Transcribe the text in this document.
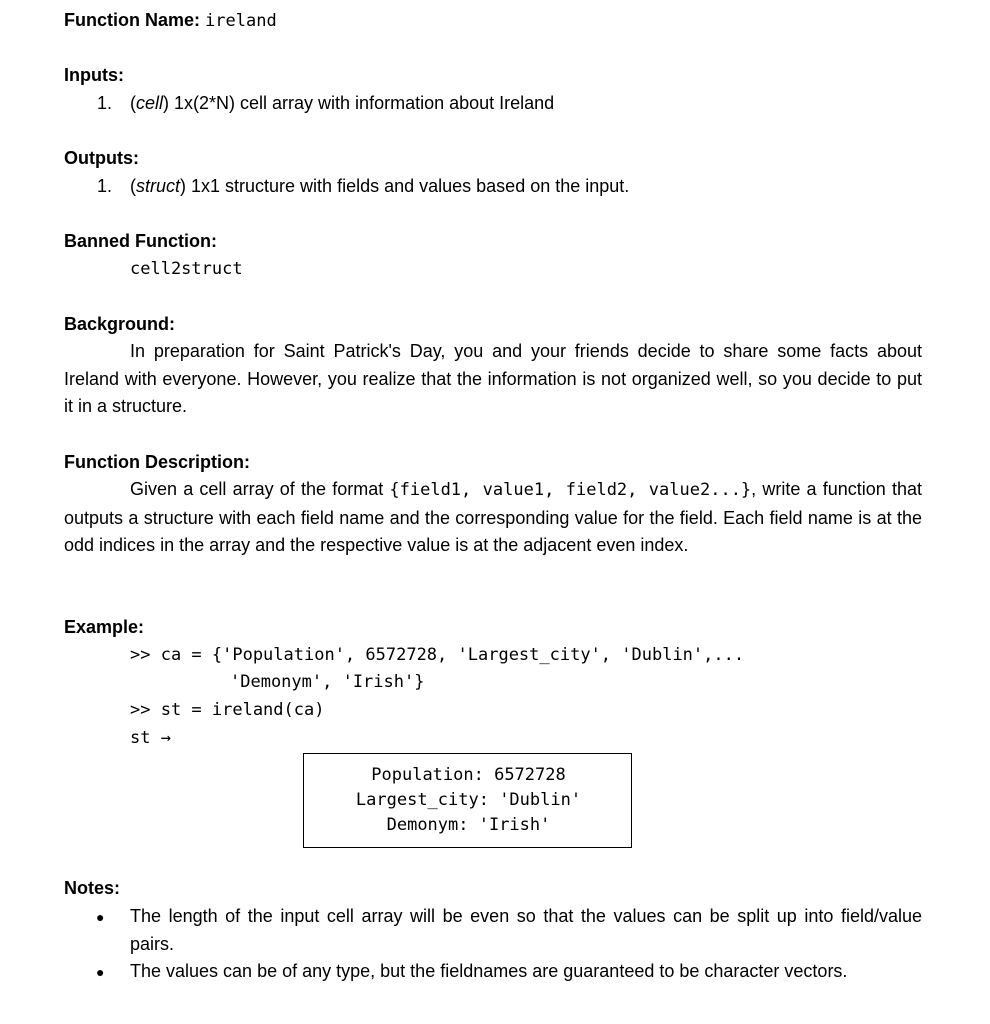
Function Name: ireland
Inputs:
1. (cell) 1x(2*N) cell array with information about Ireland
Outputs:
1. (struct) 1x1 structure with fields and values based on the input.
Banned Function:
cell2struct
Background:
In preparation for Saint Patrick's Day, you and your friends decide to share some facts about Ireland with everyone. However, you realize that the information is not organized well, so you decide to put it in a structure.
Function Description:
Given a cell array of the format {field1, value1, field2, value2...}, write a function that outputs a structure with each field name and the corresponding value for the field. Each field name is at the odd indices in the array and the respective value is at the adjacent even index.
Example:
>> ca = {'Population', 6572728, 'Largest_city', 'Dublin',...
'Demonym', 'Irish'}
>> st = ireland(ca)
st →
Population: 6572728
Largest_city: 'Dublin'
Demonym: 'Irish'
Notes:
● The length of the input cell array will be even so that the values can be split up into field/value pairs.
● The values can be of any type, but the fieldnames are guaranteed to be character vectors.
